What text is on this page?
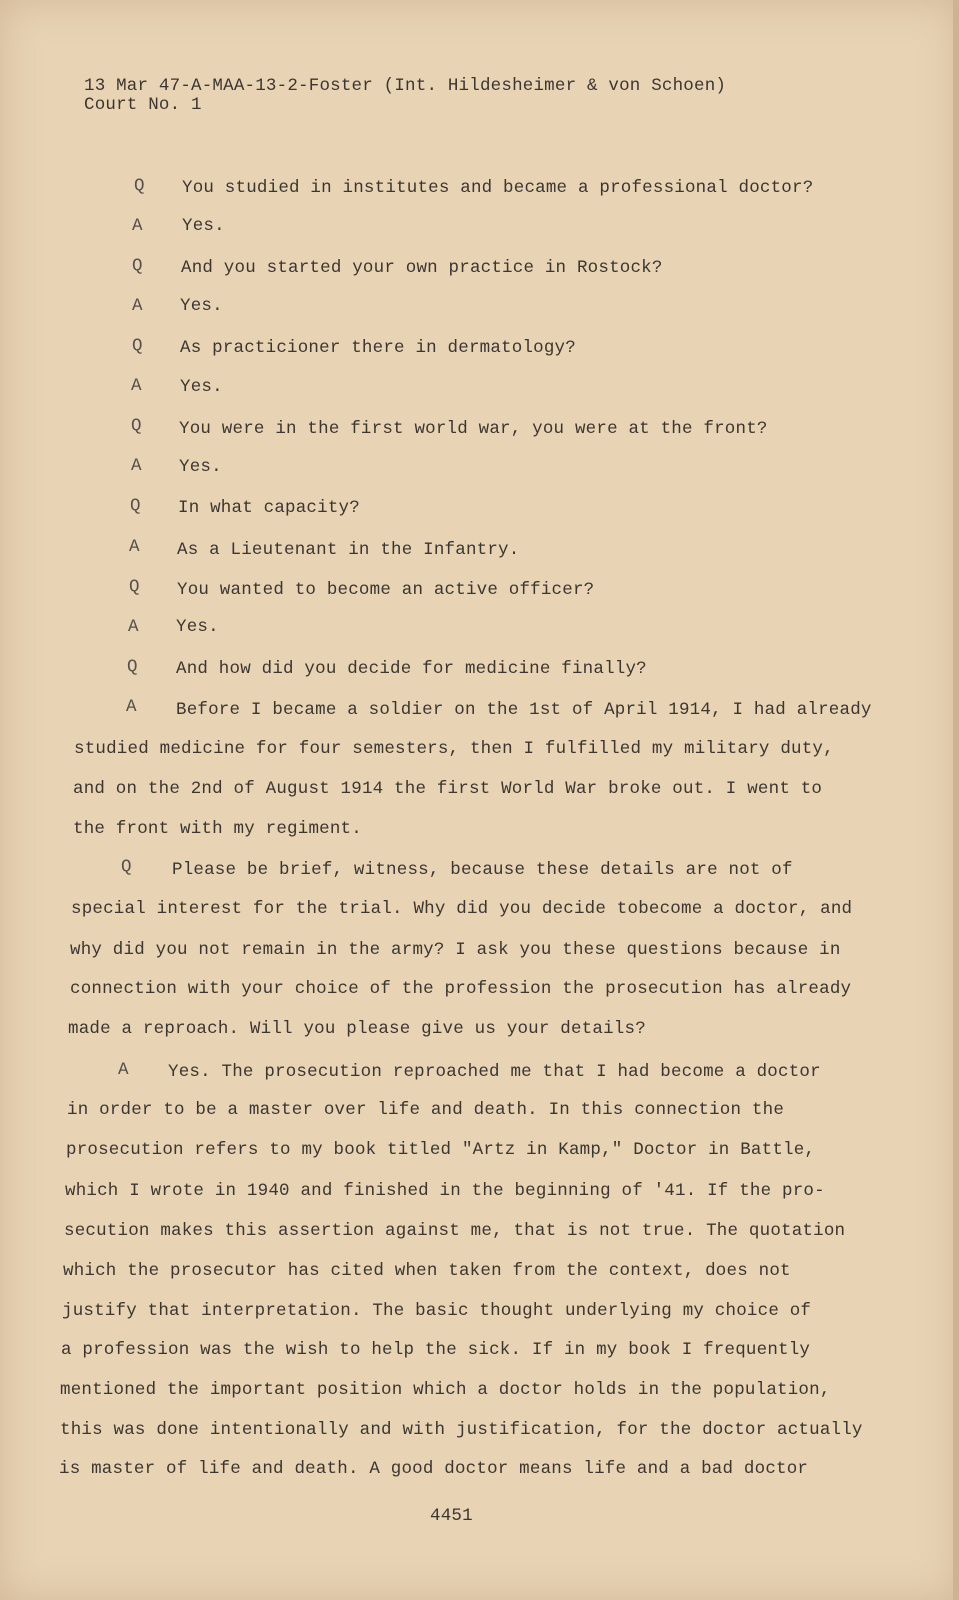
13 Mar 47-A-MAA-13-2-Foster (Int. Hildesheimer & von Schoen)
Court No. 1
Q You studied in institutes and became a professional doctor?
A Yes.
Q And you started your own practice in Rostock?
A Yes.
Q As practicioner there in dermatology?
A Yes.
Q You were in the first world war, you were at the front?
A Yes.
Q In what capacity?
A As a Lieutenant in the Infantry.
Q You wanted to become an active officer?
A Yes.
Q And how did you decide for medicine finally?
A Before I became a soldier on the 1st of April 1914, I had already
studied medicine for four semesters, then I fulfilled my military duty,
and on the 2nd of August 1914 the first World War broke out. I went to
the front with my regiment.
Q Please be brief, witness, because these details are not of
special interest for the trial. Why did you decide tobecome a doctor, and
why did you not remain in the army? I ask you these questions because in
connection with your choice of the profession the prosecution has already
made a reproach. Will you please give us your details?
A Yes. The prosecution reproached me that I had become a doctor
in order to be a master over life and death. In this connection the
prosecution refers to my book titled "Artz in Kamp," Doctor in Battle,
which I wrote in 1940 and finished in the beginning of '41. If the pro-
secution makes this assertion against me, that is not true. The quotation
which the prosecutor has cited when taken from the context, does not
justify that interpretation. The basic thought underlying my choice of
a profession was the wish to help the sick. If in my book I frequently
mentioned the important position which a doctor holds in the population,
this was done intentionally and with justification, for the doctor actually
is master of life and death. A good doctor means life and a bad doctor
4451
